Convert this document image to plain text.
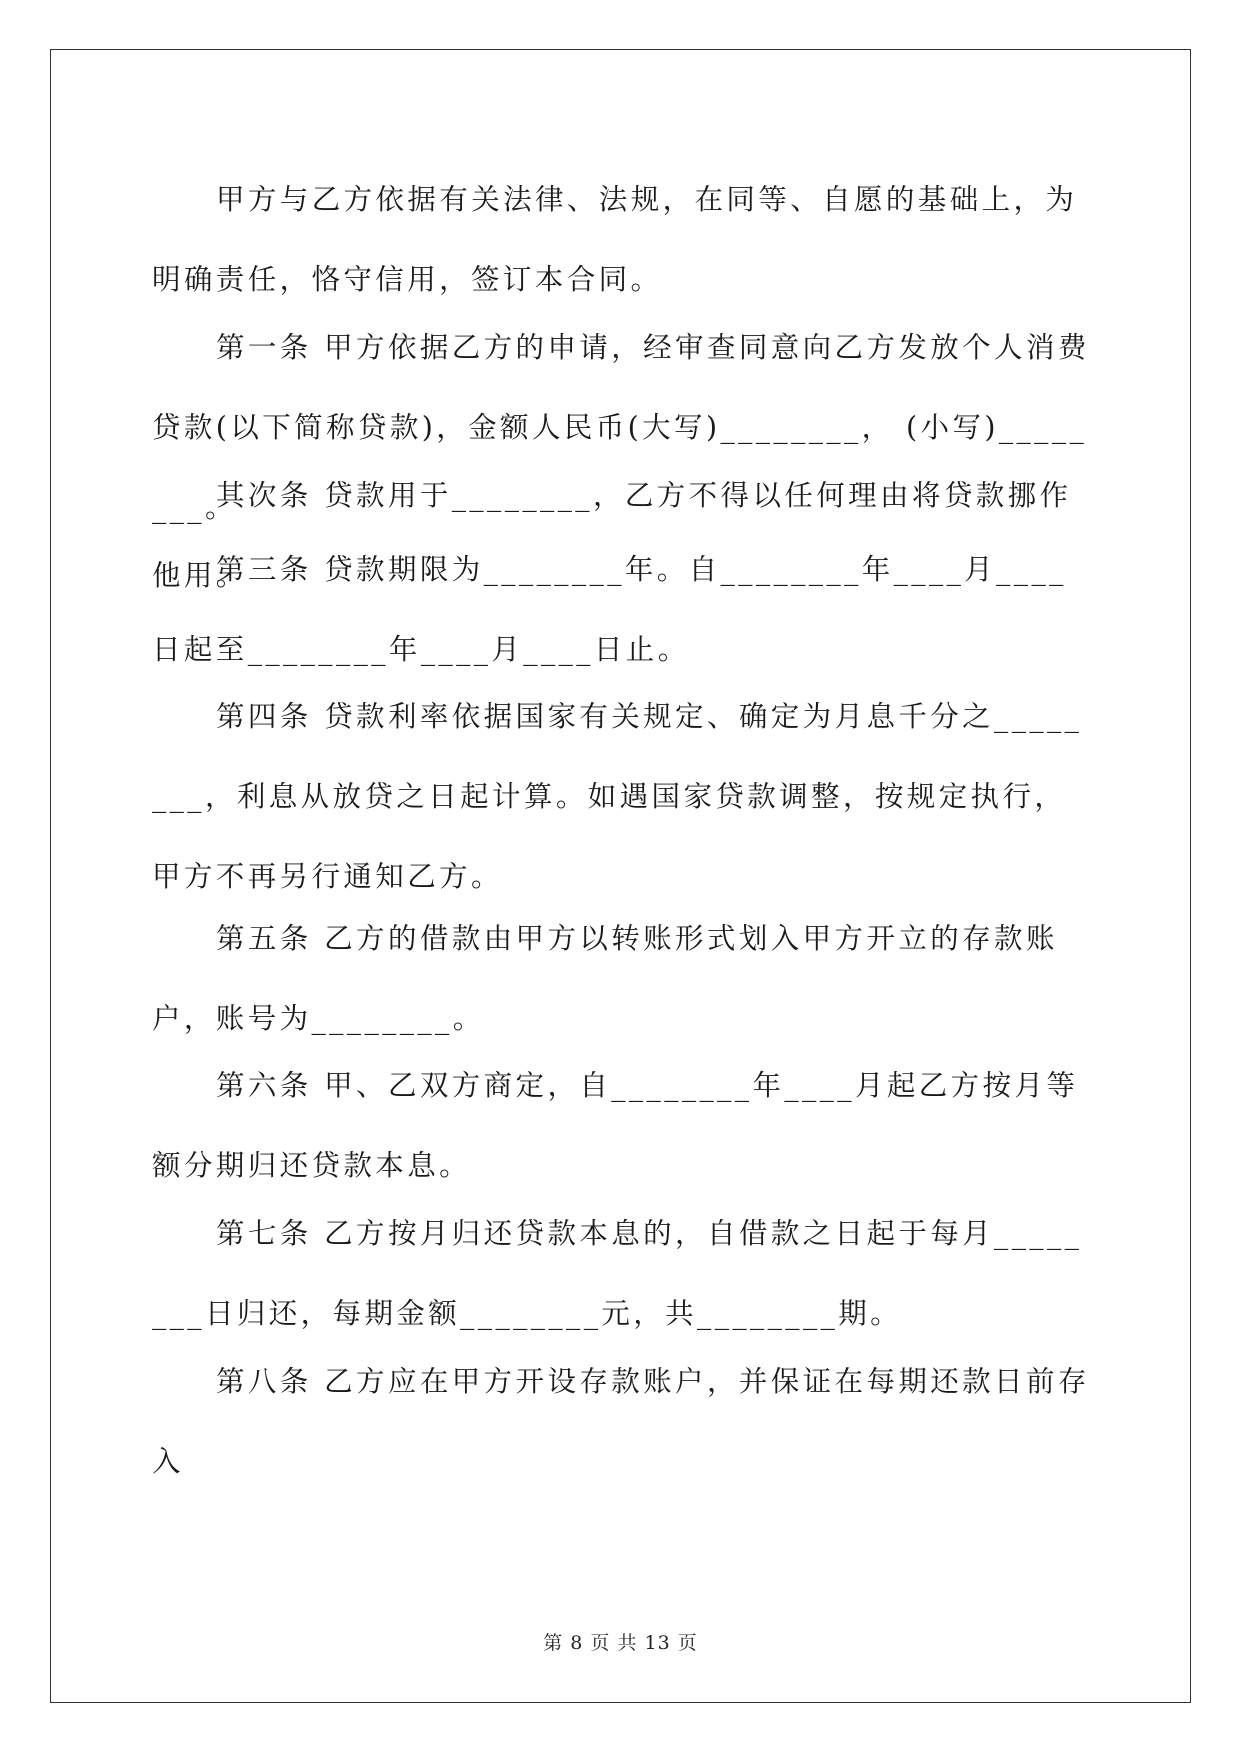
甲方与乙方依据有关法律、法规，在同等、自愿的基础上，为明确责任，恪守信用，签订本合同。

第一条 甲方依据乙方的申请，经审查同意向乙方发放个人消费贷款(以下简称贷款)，金额人民币(大写)________， (小写)________。

其次条 贷款用于________，乙方不得以任何理由将贷款挪作他用。

第三条 贷款期限为________年。自________年____月____日起至________年____月____日止。

第四条 贷款利率依据国家有关规定、确定为月息千分之________，利息从放贷之日起计算。如遇国家贷款调整，按规定执行，甲方不再另行通知乙方。

第五条 乙方的借款由甲方以转账形式划入甲方开立的存款账户，账号为________。

第六条 甲、乙双方商定，自________年____月起乙方按月等额分期归还贷款本息。

第七条 乙方按月归还贷款本息的，自借款之日起于每月________日归还，每期金额________元，共________期。

第八条 乙方应在甲方开设存款账户，并保证在每期还款日前存入

第 8 页 共 13 页
